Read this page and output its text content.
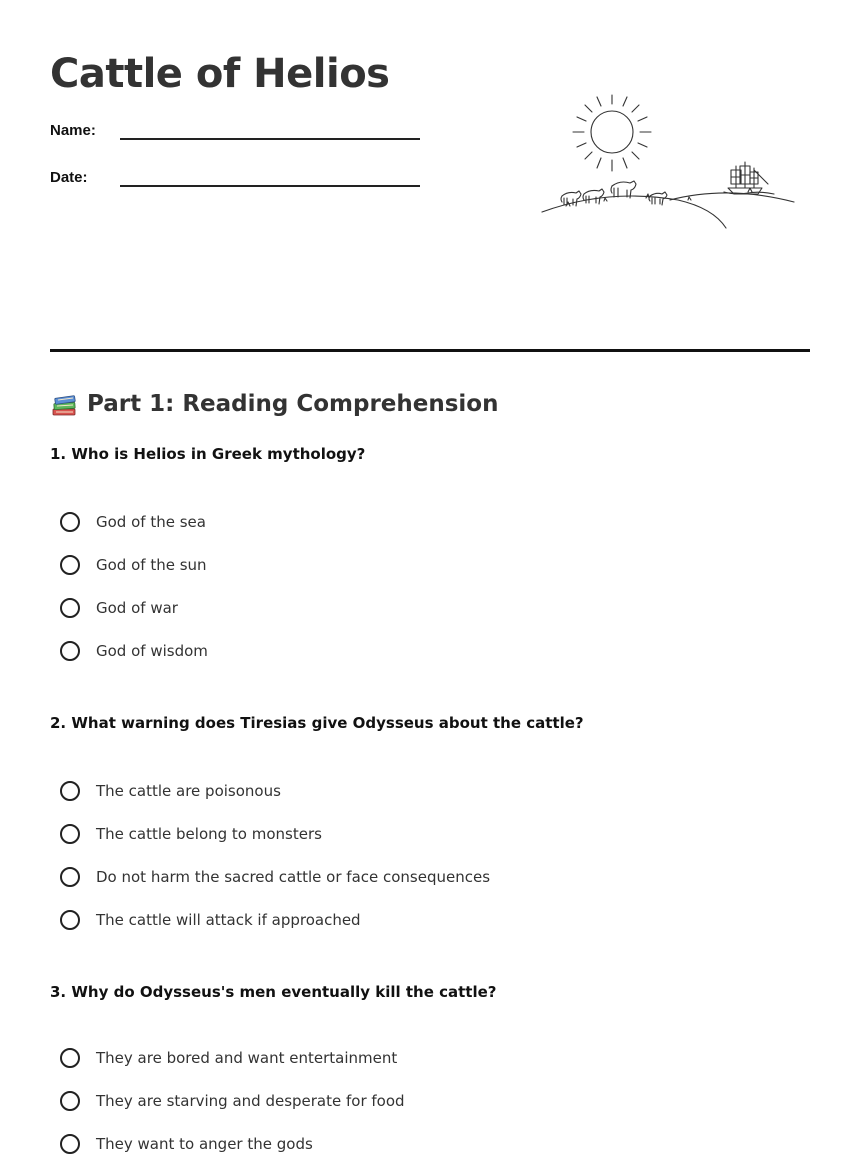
Cattle of Helios
Name:
Date:
Part 1: Reading Comprehension

1. Who is Helios in Greek mythology?

God of the sea
God of the sun
God of war
God of wisdom

2. What warning does Tiresias give Odysseus about the cattle?

The cattle are poisonous
The cattle belong to monsters
Do not harm the sacred cattle or face consequences
The cattle will attack if approached

3. Why do Odysseus's men eventually kill the cattle?

They are bored and want entertainment
They are starving and desperate for food
They want to anger the gods
